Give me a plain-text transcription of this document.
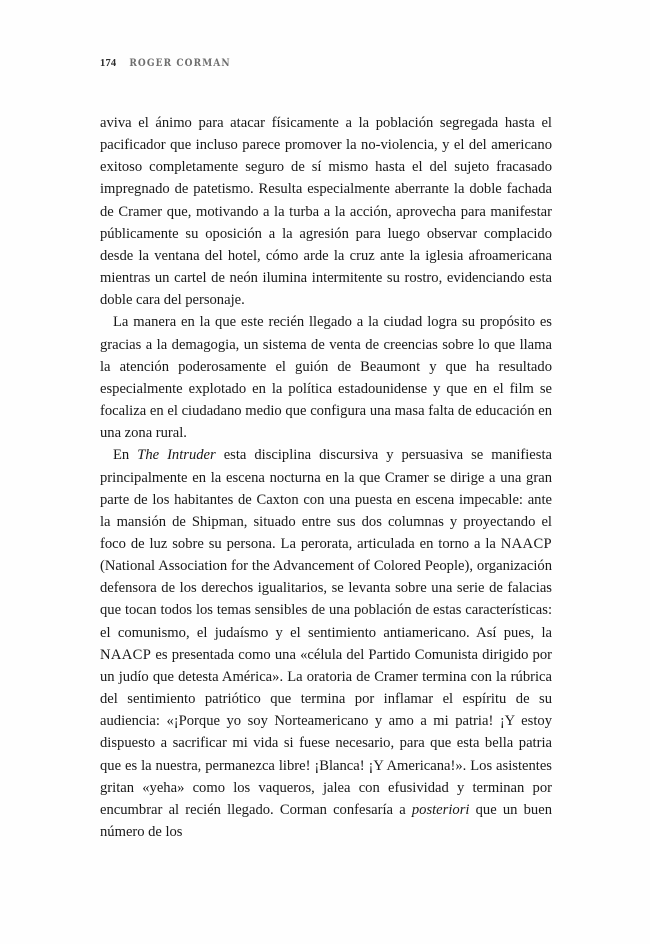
174 ROGER CORMAN

aviva el ánimo para atacar físicamente a la población segregada hasta el pacificador que incluso parece promover la no-violencia, y el del americano exitoso completamente seguro de sí mismo hasta el del sujeto fracasado impregnado de patetismo. Resulta especialmente aberrante la doble fachada de Cramer que, motivando a la turba a la acción, aprovecha para manifestar públicamente su oposición a la agresión para luego observar complacido desde la ventana del hotel, cómo arde la cruz ante la iglesia afroamericana mientras un cartel de neón ilumina intermitente su rostro, evidenciando esta doble cara del personaje.

La manera en la que este recién llegado a la ciudad logra su propósito es gracias a la demagogia, un sistema de venta de creencias sobre lo que llama la atención poderosamente el guión de Beaumont y que ha resultado especialmente explotado en la política estadounidense y que en el film se focaliza en el ciudadano medio que configura una masa falta de educación en una zona rural.

En The Intruder esta disciplina discursiva y persuasiva se manifiesta principalmente en la escena nocturna en la que Cramer se dirige a una gran parte de los habitantes de Caxton con una puesta en escena impecable: ante la mansión de Shipman, situado entre sus dos columnas y proyectando el foco de luz sobre su persona. La perorata, articulada en torno a la NAACP (National Association for the Advancement of Colored People), organización defensora de los derechos igualitarios, se levanta sobre una serie de falacias que tocan todos los temas sensibles de una población de estas características: el comunismo, el judaísmo y el sentimiento antiamericano. Así pues, la NAACP es presentada como una «célula del Partido Comunista dirigido por un judío que detesta América». La oratoria de Cramer termina con la rúbrica del sentimiento patriótico que termina por inflamar el espíritu de su audiencia: «¡Porque yo soy Norteamericano y amo a mi patria! ¡Y estoy dispuesto a sacrificar mi vida si fuese necesario, para que esta bella patria que es la nuestra, permanezca libre! ¡Blanca! ¡Y Americana!». Los asistentes gritan «yeha» como los vaqueros, jalea con efusividad y terminan por encumbrar al recién llegado. Corman confesaría a posteriori que un buen número de los
